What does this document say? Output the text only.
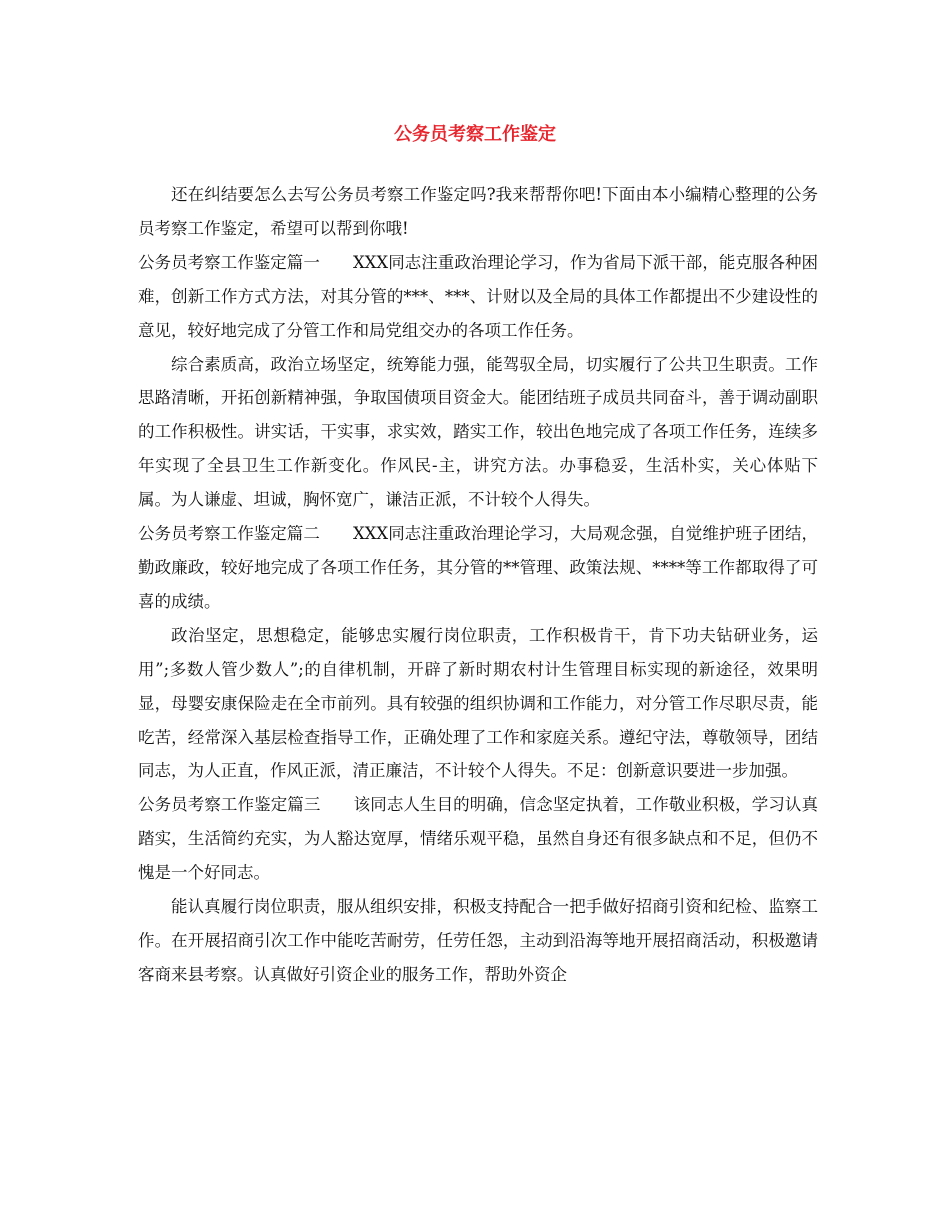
公务员考察工作鉴定

还在纠结要怎么去写公务员考察工作鉴定吗?我来帮帮你吧!下面由本小编精心整理的公务员考察工作鉴定，希望可以帮到你哦!

公务员考察工作鉴定篇一　　 XXX同志注重政治理论学习，作为省局下派干部，能克服各种困难，创新工作方式方法，对其分管的***、***、计财以及全局的具体工作都提出不少建设性的意见，较好地完成了分管工作和局党组交办的各项工作任务。

综合素质高，政治立场坚定，统筹能力强，能驾驭全局，切实履行了公共卫生职责。工作思路清晰，开拓创新精神强，争取国债项目资金大。能团结班子成员共同奋斗，善于调动副职的工作积极性。讲实话，干实事，求实效，踏实工作，较出色地完成了各项工作任务，连续多年实现了全县卫生工作新变化。作风民-主，讲究方法。办事稳妥，生活朴实，关心体贴下属。为人谦虚、坦诚，胸怀宽广，谦洁正派，不计较个人得失。

公务员考察工作鉴定篇二　　 XXX同志注重政治理论学习，大局观念强，自觉维护班子团结，勤政廉政，较好地完成了各项工作任务，其分管的**管理、政策法规、****等工作都取得了可喜的成绩。

政治坚定，思想稳定，能够忠实履行岗位职责，工作积极肯干，肯下功夫钻研业务，运用”;多数人管少数人”;的自律机制，开辟了新时期农村计生管理目标实现的新途径，效果明显，母婴安康保险走在全市前列。具有较强的组织协调和工作能力，对分管工作尽职尽责，能吃苦，经常深入基层检查指导工作，正确处理了工作和家庭关系。遵纪守法，尊敬领导，团结同志，为人正直，作风正派，清正廉洁，不计较个人得失。不足：创新意识要进一步加强。

公务员考察工作鉴定篇三　　 该同志人生目的明确，信念坚定执着，工作敬业积极，学习认真踏实，生活简约充实，为人豁达宽厚，情绪乐观平稳，虽然自身还有很多缺点和不足，但仍不愧是一个好同志。

能认真履行岗位职责，服从组织安排，积极支持配合一把手做好招商引资和纪检、监察工作。在开展招商引次工作中能吃苦耐劳，任劳任怨，主动到沿海等地开展招商活动，积极邀请客商来县考察。认真做好引资企业的服务工作，帮助外资企
